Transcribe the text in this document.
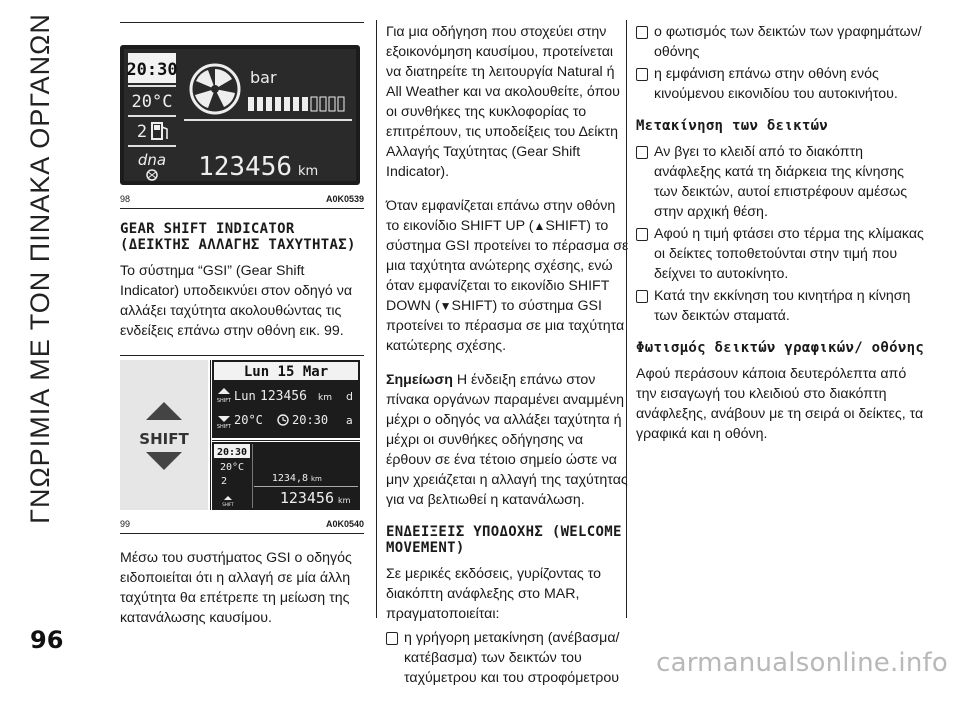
ΓΝΩΡΙΜΙΑ ΜΕ ΤΟΝ ΠΙΝΑΚΑ ΟΡΓΑΝΩΝ	20:30
20°C
2
dna
bar
123456 km
98	A0K0539
GEAR SHIFT INDICATOR (ΔΕΙΚΤΗΣ ΑΛΛΑΓΗΣ ΤΑΧΥΤΗΤΑΣ)

Το σύστημα “GSI” (Gear Shift Indicator) υποδεικνύει στον οδηγό να αλλάξει ταχύτητα ακολουθώντας τις ενδείξεις επάνω στην οθόνη εικ. 99.

SHIFT
Lun 15 Mar
SHIFT Lun 123456 km d
SHIFT 20°C 20:30 a
20:30
20°C
2
SHIFT
1234,8 km
123456 km
99	A0K0540

Μέσω του συστήματος GSI ο οδηγός ειδοποιείται ότι η αλλαγή σε μία άλλη ταχύτητα θα επέτρεπε τη μείωση της κατανάλωσης καυσίμου.

Για μια οδήγηση που στοχεύει στην εξοικονόμηση καυσίμου, προτείνεται να διατηρείτε τη λειτουργία Natural ή All Weather και να ακολουθείτε, όπου οι συνθήκες της κυκλοφορίας το επιτρέπουν, τις υποδείξεις του Δείκτη Αλλαγής Ταχύτητας (Gear Shift Indicator).

Όταν εμφανίζεται επάνω στην οθόνη το εικονίδιο SHIFT UP (▲SHIFT) το σύστημα GSI προτείνει το πέρασμα σε μια ταχύτητα ανώτερης σχέσης, ενώ όταν εμφανίζεται το εικονίδιο SHIFT DOWN (▼SHIFT) το σύστημα GSI προτείνει το πέρασμα σε μια ταχύτητα κατώτερης σχέσης.

Σημείωση Η ένδειξη επάνω στον πίνακα οργάνων παραμένει αναμμένη μέχρι ο οδηγός να αλλάξει ταχύτητα ή μέχρι οι συνθήκες οδήγησης να έρθουν σε ένα τέτοιο σημείο ώστε να μην χρειάζεται η αλλαγή της ταχύτητας για να βελτιωθεί η κατανάλωση.

ΕΝΔΕΙΞΕΙΣ ΥΠΟΔΟΧΗΣ (WELCOME MOVEMENT)

Σε μερικές εκδόσεις, γυρίζοντας το διακόπτη ανάφλεξης στο MAR, πραγματοποιείται:

η γρήγορη μετακίνηση (ανέβασμα/κατέβασμα) των δεικτών του ταχύμετρου και του στροφόμετρου
ο φωτισμός των δεικτών των γραφημάτων/οθόνης
η εμφάνιση επάνω στην οθόνη ενός κινούμενου εικονιδίου του αυτοκινήτου.
Μετακίνηση των δεικτών
Αν βγει το κλειδί από το διακόπτη ανάφλεξης κατά τη διάρκεια της κίνησης των δεικτών, αυτοί επιστρέφουν αμέσως στην αρχική θέση.
Αφού η τιμή φτάσει στο τέρμα της κλίμακας οι δείκτες τοποθετούνται στην τιμή που δείχνει το αυτοκίνητο.
Κατά την εκκίνηση του κινητήρα η κίνηση των δεικτών σταματά.
Φωτισμός δεικτών γραφικών/ οθόνης

Αφού περάσουν κάποια δευτερόλεπτα από την εισαγωγή του κλειδιού στο διακόπτη ανάφλεξης, ανάβουν με τη σειρά οι δείκτες, τα γραφικά και η οθόνη.

96
carmanualsonline.info
